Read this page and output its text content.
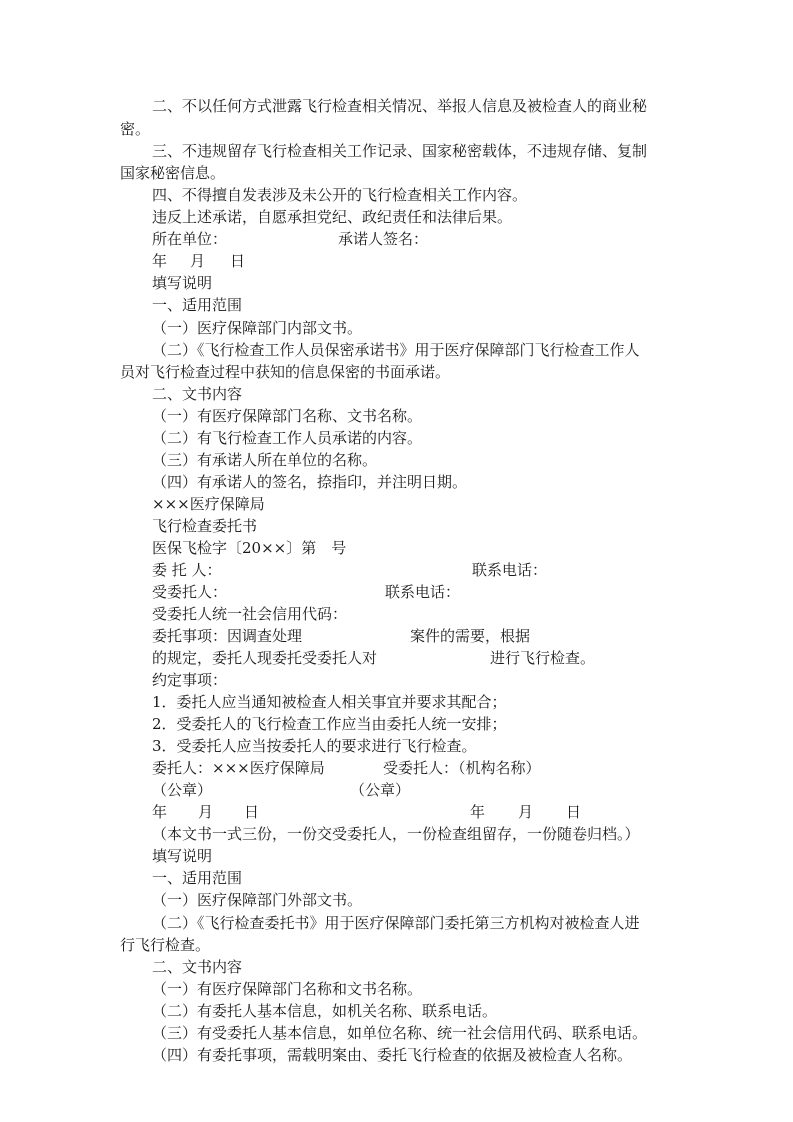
二、不以任何方式泄露飞行检查相关情况、举报人信息及被检查人的商业秘
密。
三、不违规留存飞行检查相关工作记录、国家秘密载体，不违规存储、复制
国家秘密信息。
四、不得擅自发表涉及未公开的飞行检查相关工作内容。
违反上述承诺，自愿承担党纪、政纪责任和法律后果。
所在单位：	承诺人签名：
年 月 日
填写说明
一、适用范围
（一）医疗保障部门内部文书。
（二）《飞行检查工作人员保密承诺书》用于医疗保障部门飞行检查工作人
员对飞行检查过程中获知的信息保密的书面承诺。
二、文书内容
（一）有医疗保障部门名称、文书名称。
（二）有飞行检查工作人员承诺的内容。
（三）有承诺人所在单位的名称。
（四）有承诺人的签名，捺指印，并注明日期。
×××医疗保障局
飞行检查委托书
医保飞检字〔20××〕第　号
委 托 人：	联系电话：
受委托人：	联系电话：
受委托人统一社会信用代码：
委托事项：因调查处理	案件的需要，根据
的规定，委托人现委托受委托人对	进行飞行检查。
约定事项：
1．委托人应当通知被检查人相关事宜并要求其配合；
2．受委托人的飞行检查工作应当由委托人统一安排；
3．受委托人应当按委托人的要求进行飞行检查。
委托人：×××医疗保障局	受委托人：（机构名称）
（公章）	（公章）
年 月 日	年 月 日
（本文书一式三份，一份交受委托人，一份检查组留存，一份随卷归档。）
填写说明
一、适用范围
（一）医疗保障部门外部文书。
（二）《飞行检查委托书》用于医疗保障部门委托第三方机构对被检查人进
行飞行检查。
二、文书内容
（一）有医疗保障部门名称和文书名称。
（二）有委托人基本信息，如机关名称、联系电话。
（三）有受委托人基本信息，如单位名称、统一社会信用代码、联系电话。
（四）有委托事项，需载明案由、委托飞行检查的依据及被检查人名称。
